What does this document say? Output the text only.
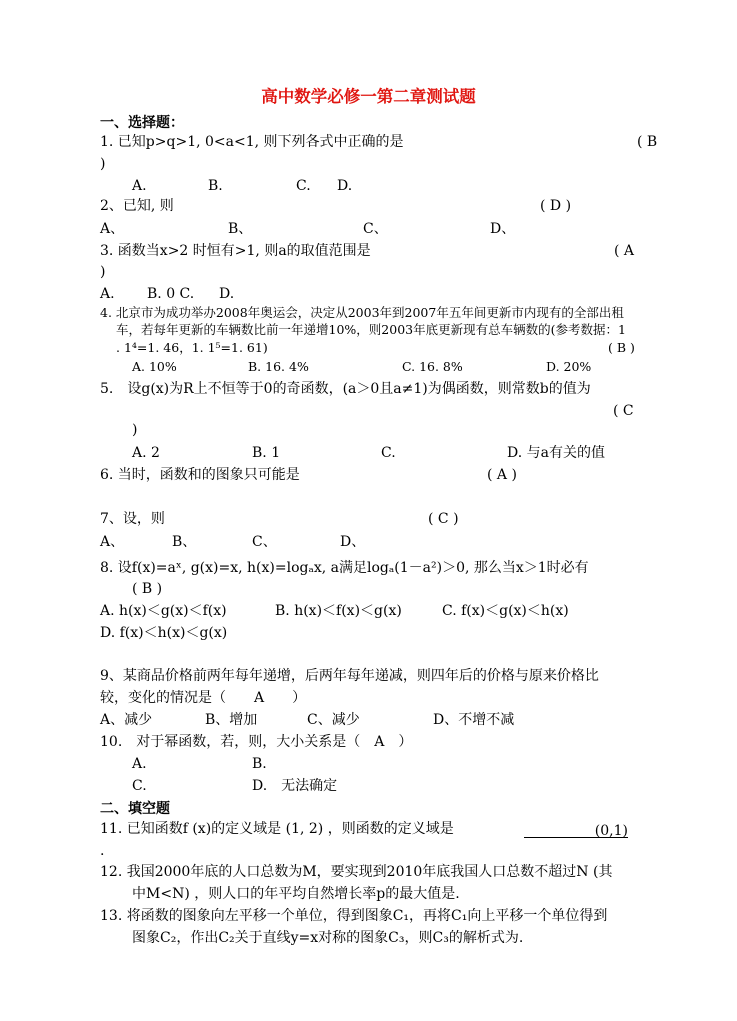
高中数学必修一第二章测试题
一、选择题：
1. 已知p>q>1, 0<a<1, 则下列各式中正确的是	( B
)
A.	B.	C. D.
2、已知, 则	( D )
A、	B、	C、	D、
3. 函数当x>2 时恒有>1, 则a的取值范围是	( A
)
A. B. 0 C. D.
4. 北京市为成功举办2008年奥运会，决定从2003年到2007年五年间更新市内现有的全部出租
车，若每年更新的车辆数比前一年递增10%，则2003年底更新现有总车辆数的(参考数据：1
. 1⁴=1. 46，1. 1⁵=1. 61)	( B )
A. 10%	B. 16. 4%	C. 16. 8%	D. 20%
5.　设g(x)为R上不恒等于0的奇函数，(a＞0且a≠1)为偶函数，则常数b的值为
( C
)
A. 2	B. 1	C.	D. 与a有关的值
6. 当时，函数和的图象只可能是	( A )
7、设，则	( C )
A、	B、	C、	D、
8. 设f(x)=aˣ, g(x)=x, h(x)=logₐx, a满足logₐ(1－a²)＞0, 那么当x＞1时必有
( B )
A. h(x)＜g(x)＜f(x)	B. h(x)＜f(x)＜g(x)	C. f(x)＜g(x)＜h(x)
D. f(x)＜h(x)＜g(x)
9、某商品价格前两年每年递增，后两年每年递减，则四年后的价格与原来价格比
较，变化的情况是（　　A　　）
A、减少	B、增加	C、减少	D、不增不减
10.　对于幂函数，若，则，大小关系是（　A　）
A.	B.
C.	D.　无法确定
二、填空题
11. 已知函数f (x)的定义域是 (1, 2) ，则函数的定义域是	(0,1)
.
12. 我国2000年底的人口总数为M，要实现到2010年底我国人口总数不超过N (其
中M<N) ，则人口的年平均自然增长率p的最大值是.
13. 将函数的图象向左平移一个单位，得到图象C₁，再将C₁向上平移一个单位得到
图象C₂，作出C₂关于直线y=x对称的图象C₃，则C₃的解析式为.
